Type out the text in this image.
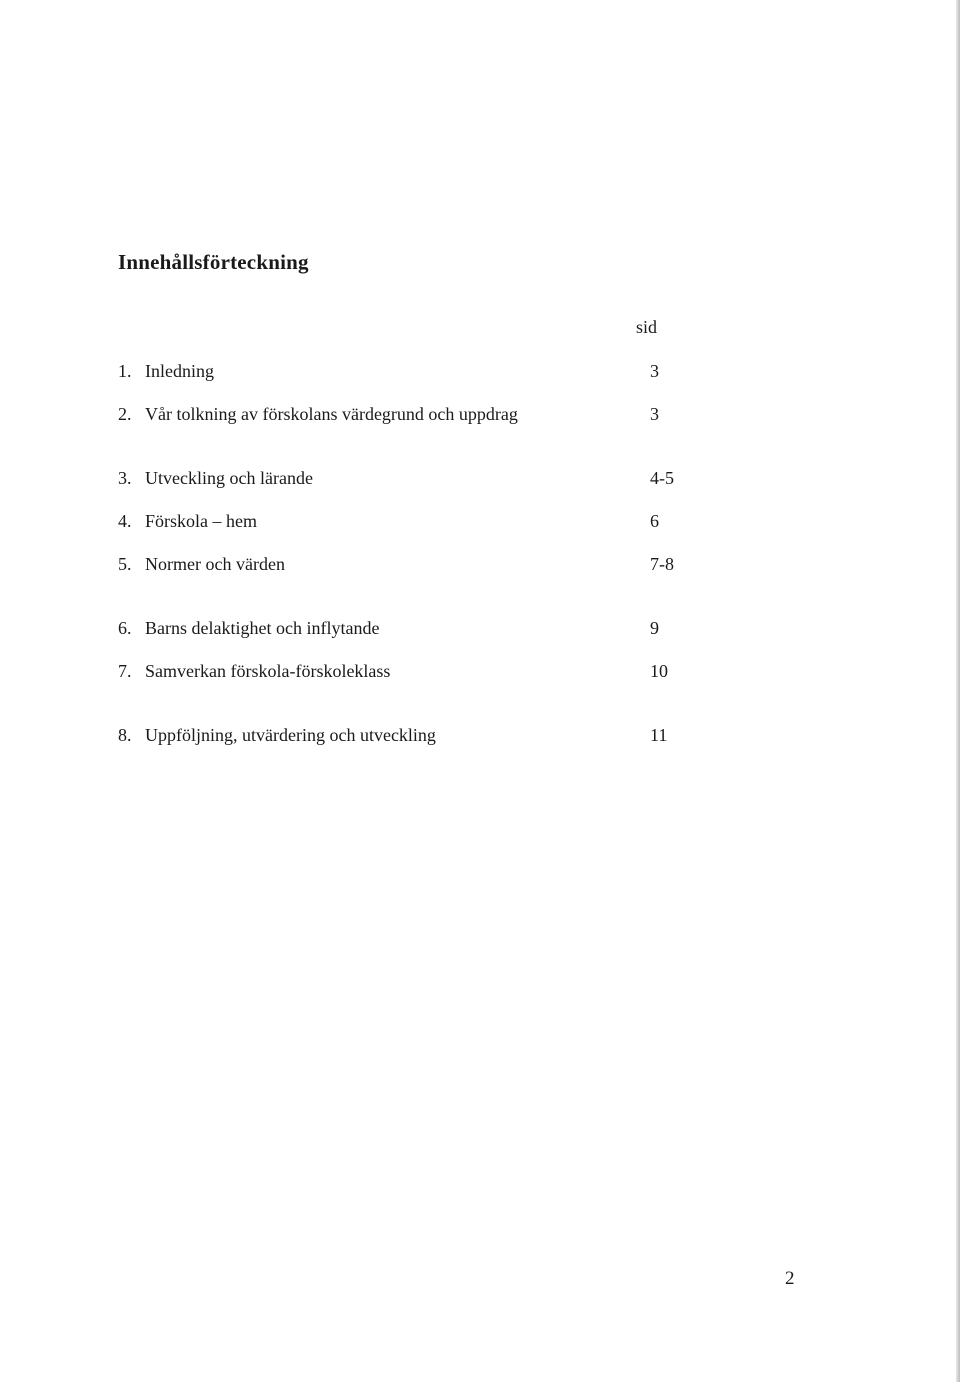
Innehållsförteckning
sid
1. Inledning	3
2. Vår tolkning av förskolans värdegrund och uppdrag	3
3. Utveckling och lärande	4-5
4. Förskola – hem	6
5. Normer och värden	7-8
6. Barns delaktighet och inflytande	9
7. Samverkan förskola-förskoleklass	10
8. Uppföljning, utvärdering och utveckling	11
2
